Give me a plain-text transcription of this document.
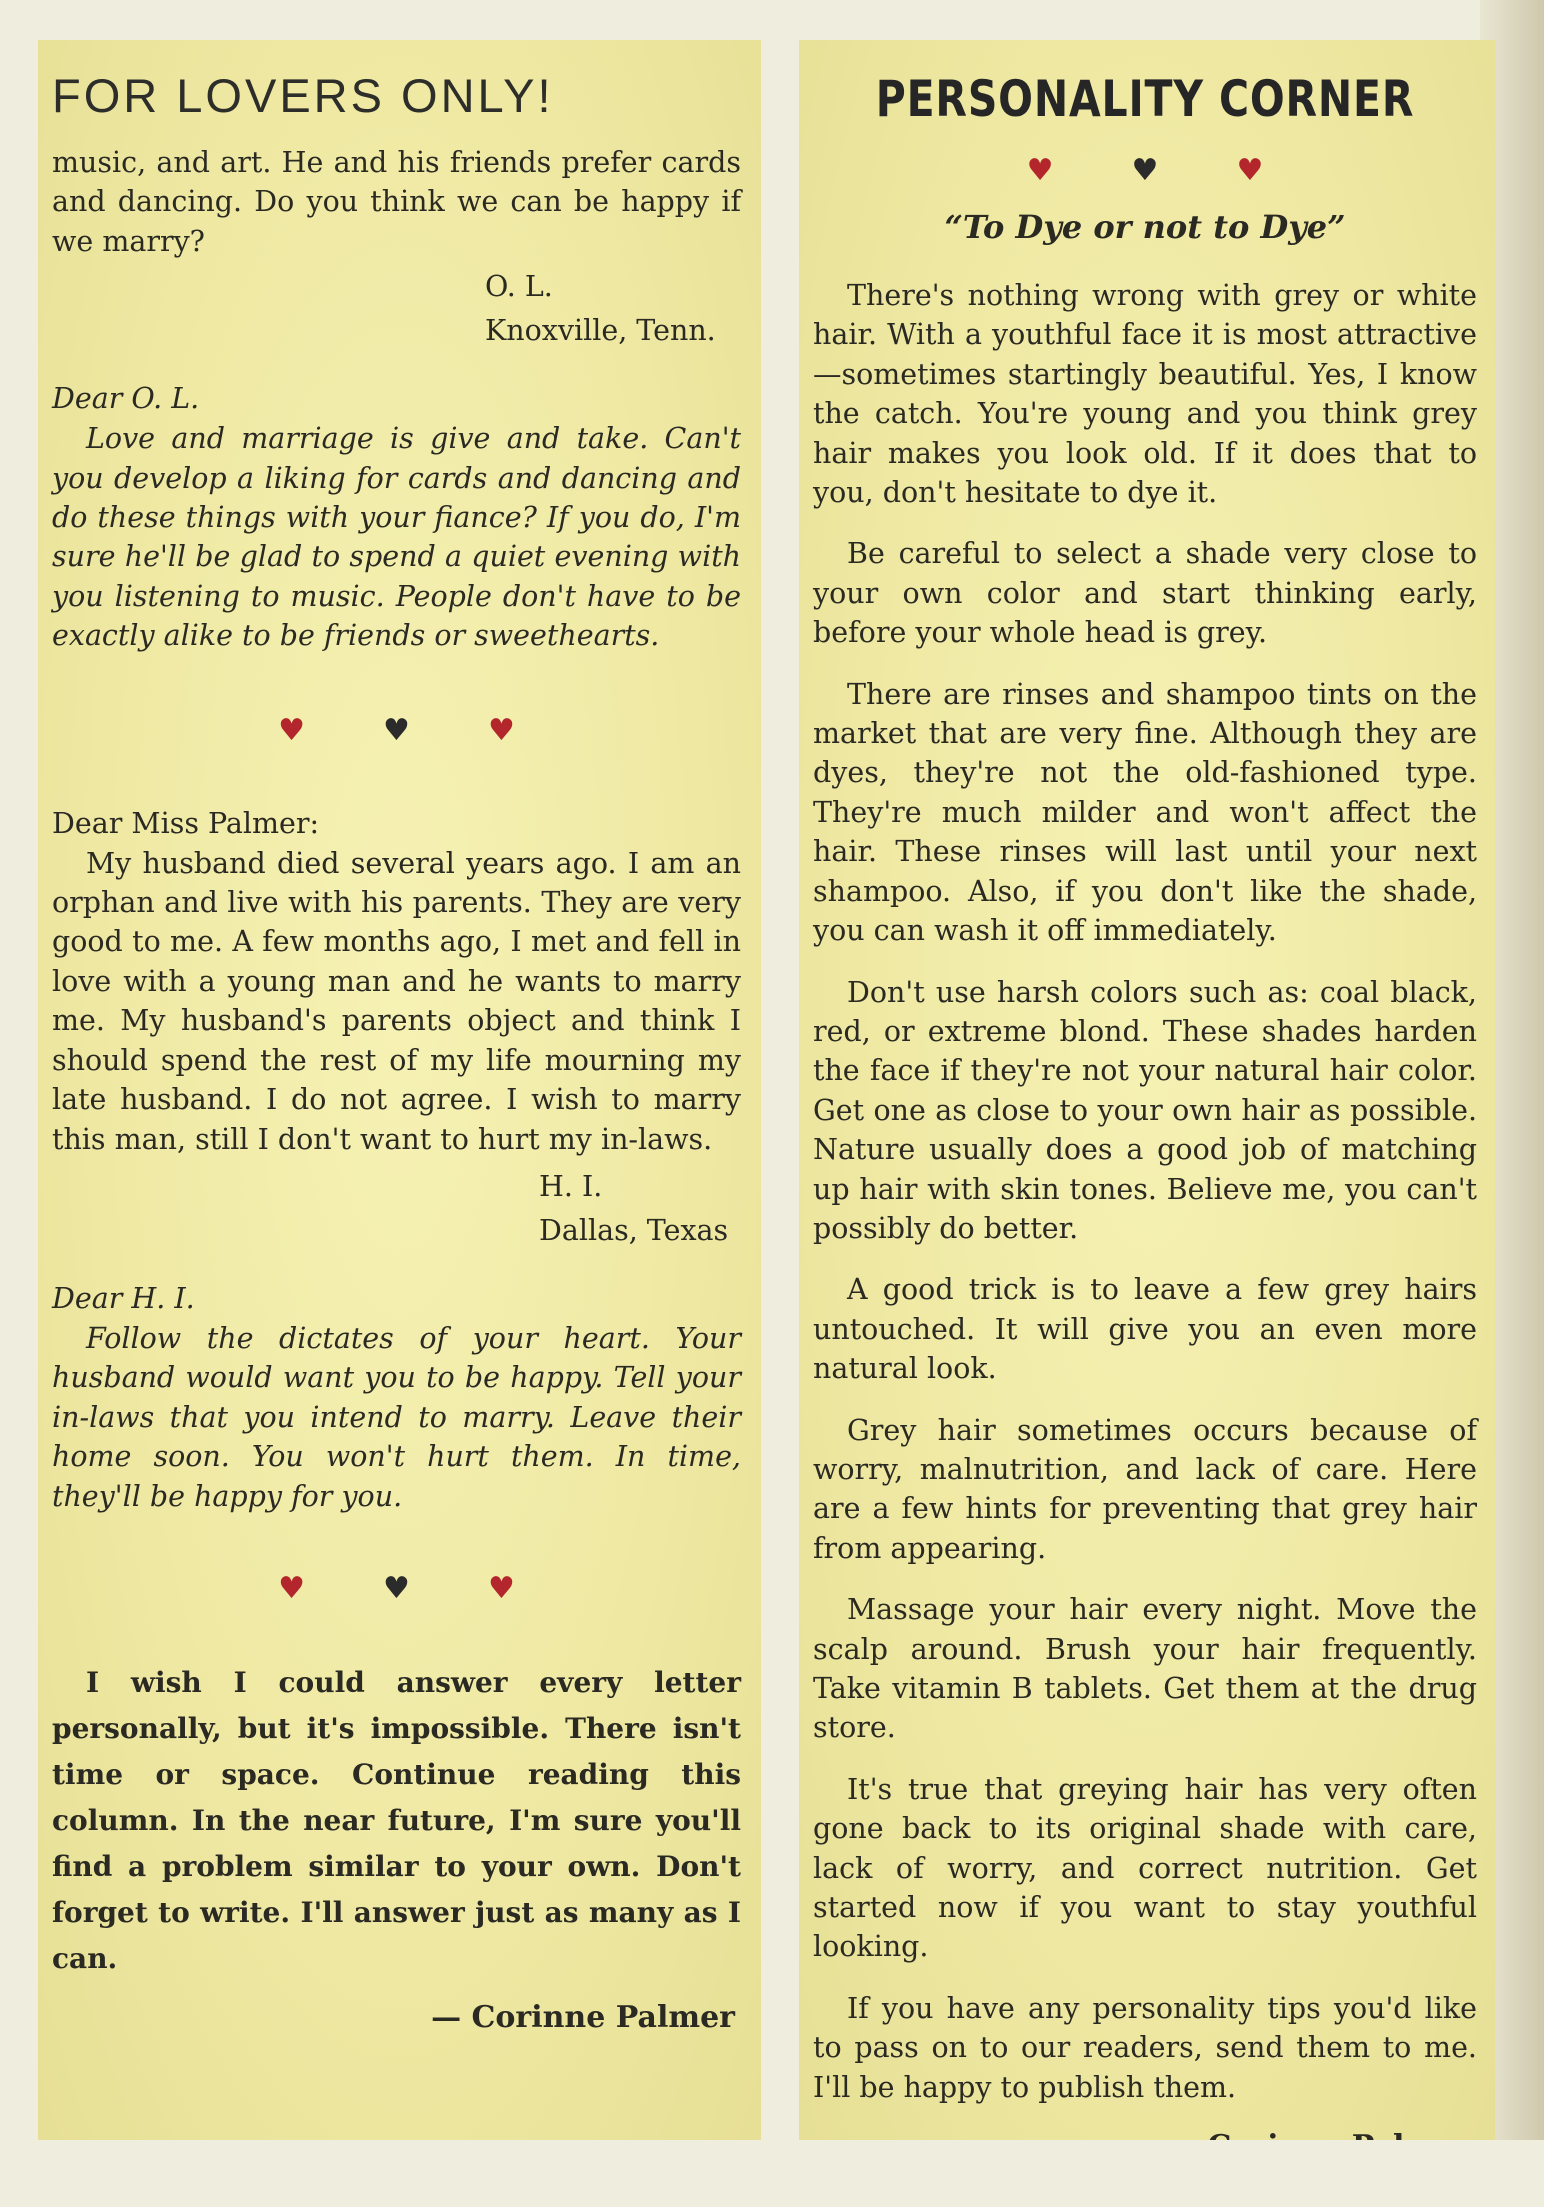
FOR LOVERS ONLY!

music, and art. He and his friends prefer cards and dancing. Do you think we can be happy if we marry?

O. L.
Knoxville, Tenn.
Dear O. L.

Love and marriage is give and take. Can't you develop a liking for cards and dancing and do these things with your fiance? If you do, I'm sure he'll be glad to spend a quiet evening with you listening to music. People don't have to be exactly alike to be friends or sweethearts.

♥	♥	♥
Dear Miss Palmer:

My husband died several years ago. I am an orphan and live with his parents. They are very good to me. A few months ago, I met and fell in love with a young man and he wants to marry me. My husband's parents object and think I should spend the rest of my life mourning my late husband. I do not agree. I wish to marry this man, still I don't want to hurt my in-laws.

H. I.
Dallas, Texas
Dear H. I.

Follow the dictates of your heart. Your husband would want you to be happy. Tell your in-laws that you intend to marry. Leave their home soon. You won't hurt them. In time, they'll be happy for you.

♥	♥	♥

I wish I could answer every letter personally, but it's impossible. There isn't time or space. Continue reading this column. In the near future, I'm sure you'll find a problem similar to your own. Don't forget to write. I'll answer just as many as I can.

— Corinne Palmer
PERSONALITY CORNER
♥	♥	♥
“To Dye or not to Dye”

There's nothing wrong with grey or white hair. With a youthful face it is most attractive—sometimes startingly beautiful. Yes, I know the catch. You're young and you think grey hair makes you look old. If it does that to you, don't hesitate to dye it.

Be careful to select a shade very close to your own color and start thinking early, before your whole head is grey.

There are rinses and shampoo tints on the market that are very fine. Although they are dyes, they're not the old-fashioned type. They're much milder and won't affect the hair. These rinses will last until your next shampoo. Also, if you don't like the shade, you can wash it off immediately.

Don't use harsh colors such as: coal black, red, or extreme blond. These shades harden the face if they're not your natural hair color. Get one as close to your own hair as possible. Nature usually does a good job of matching up hair with skin tones. Believe me, you can't possibly do better.

A good trick is to leave a few grey hairs untouched. It will give you an even more natural look.

Grey hair sometimes occurs because of worry, malnutrition, and lack of care. Here are a few hints for preventing that grey hair from appearing.

Massage your hair every night. Move the scalp around. Brush your hair frequently. Take vitamin B tablets. Get them at the drug store.

It's true that greying hair has very often gone back to its original shade with care, lack of worry, and correct nutrition. Get started now if you want to stay youthful looking.

If you have any personality tips you'd like to pass on to our readers, send them to me. I'll be happy to publish them.
